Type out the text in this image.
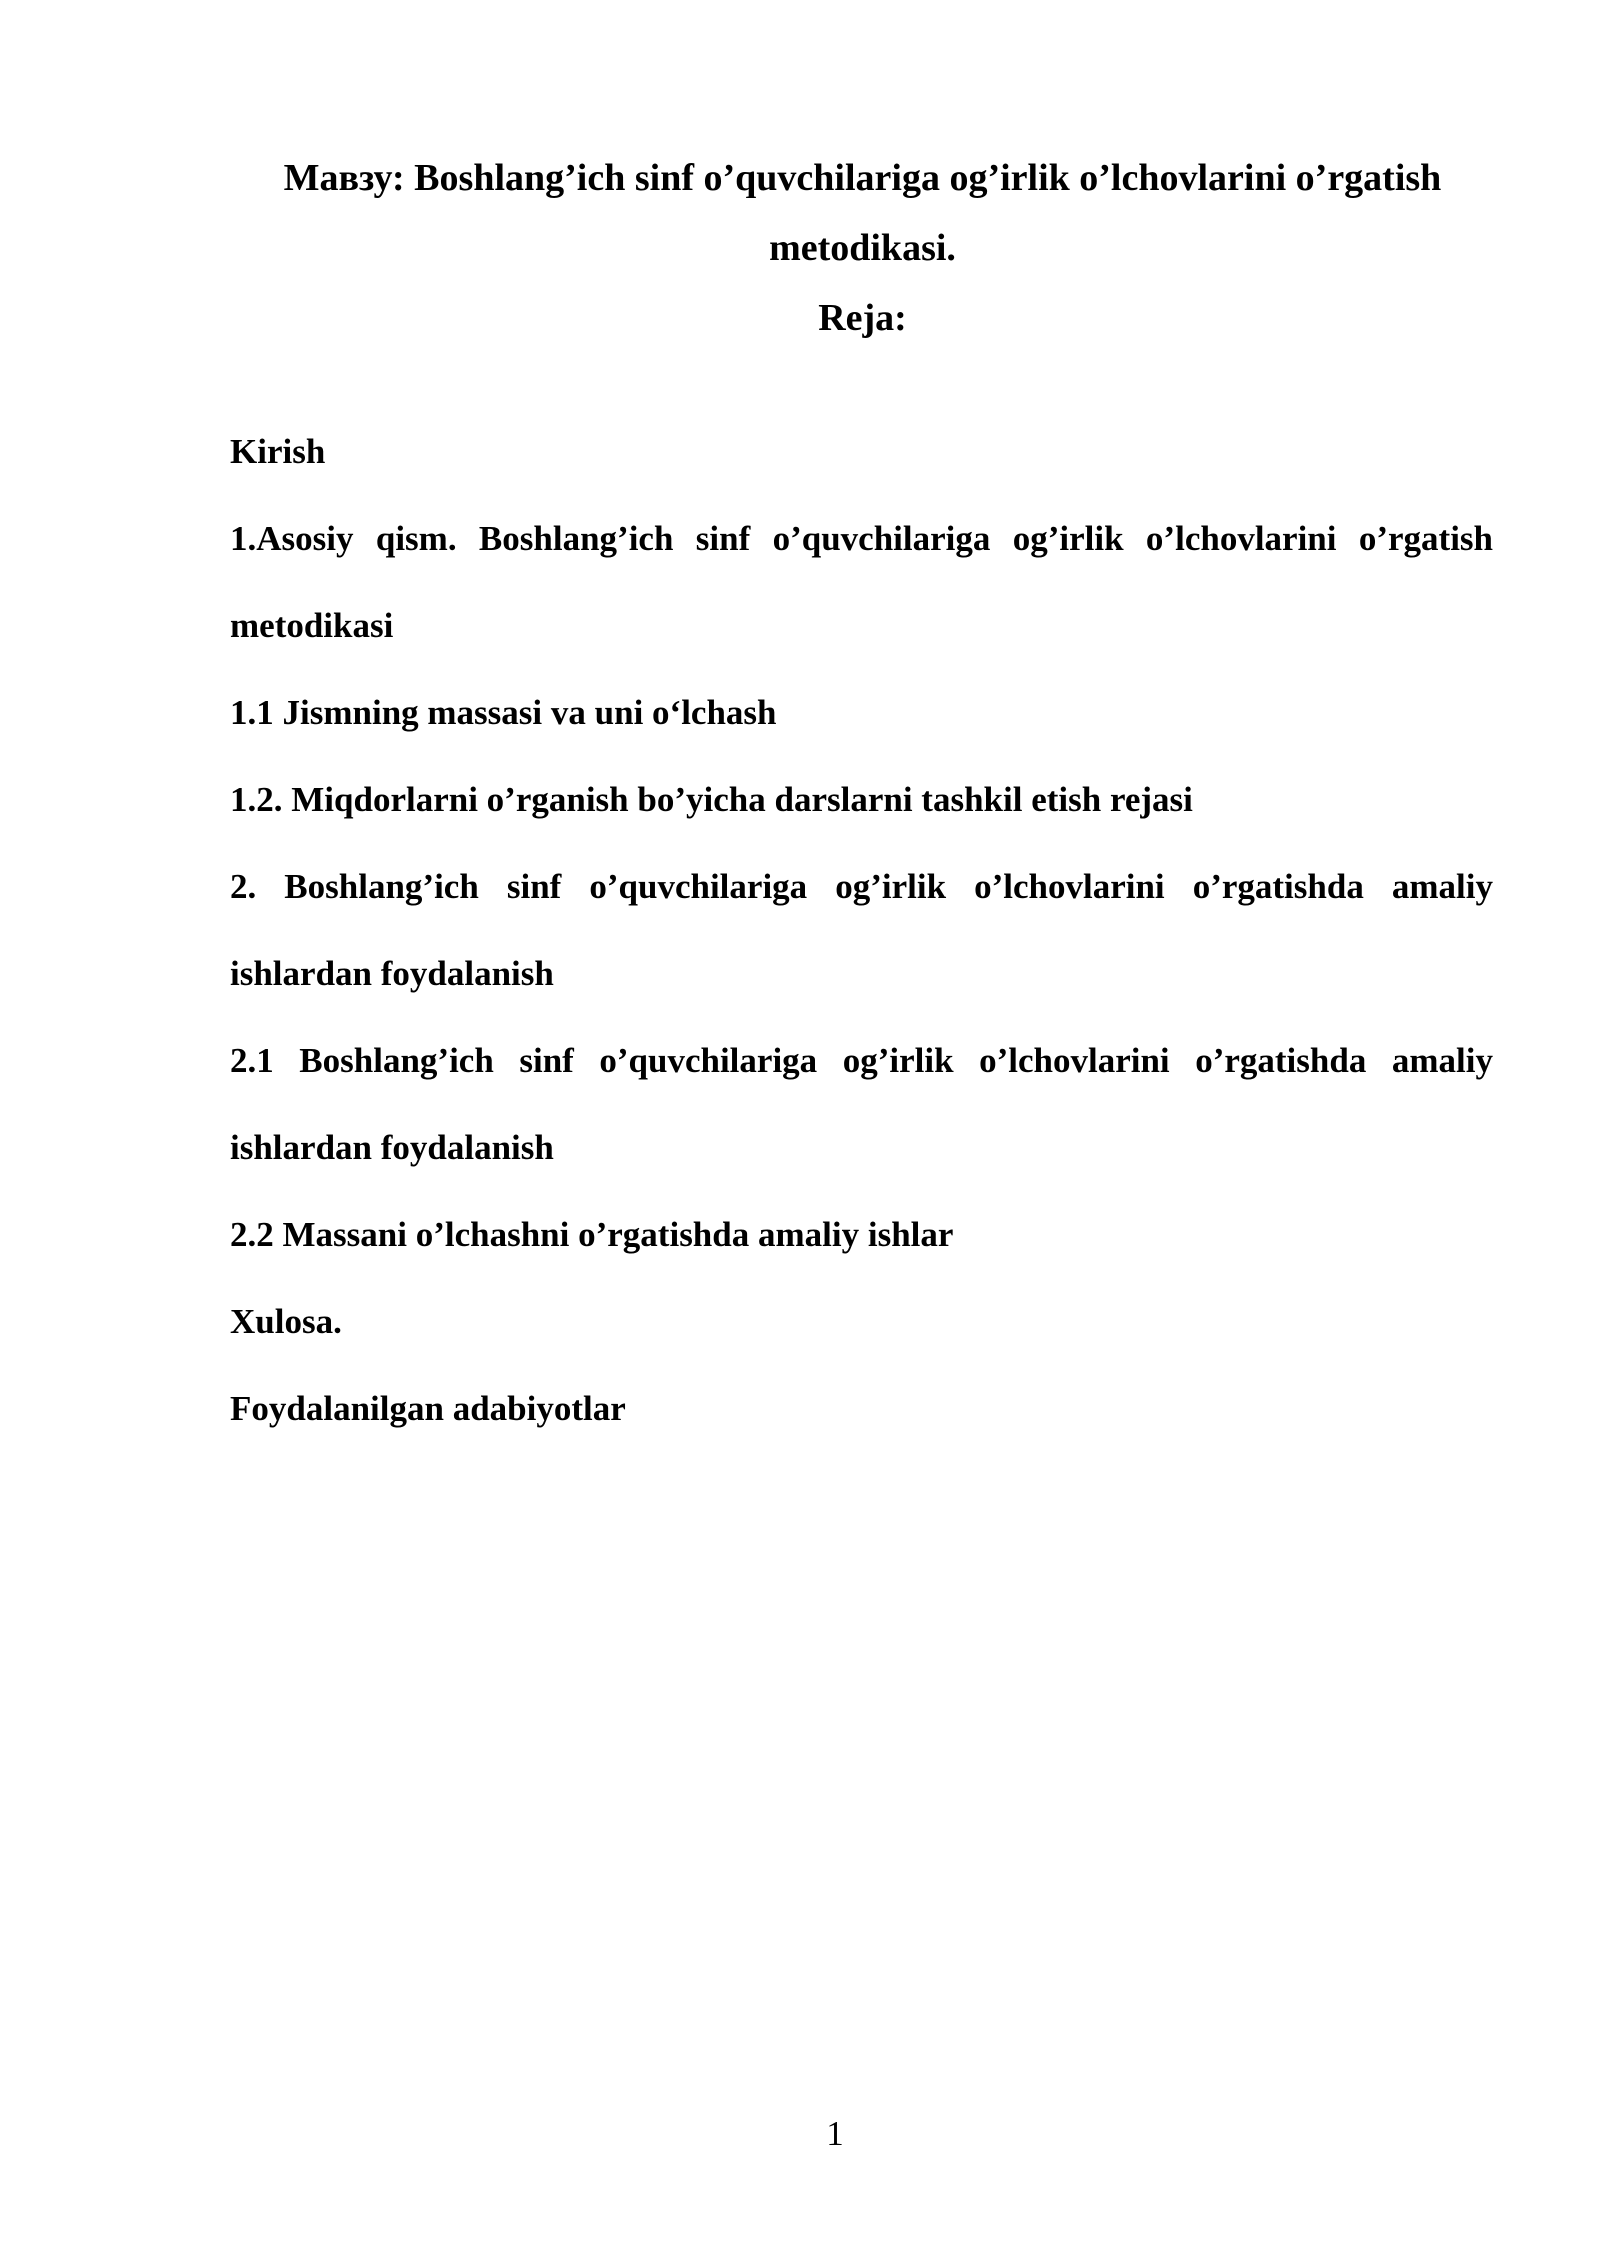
Мавзу: Boshlang’ich sinf o’quvchilariga og’irlik o’lchovlarini o’rgatish

metodikasi.

Reja:

Kirish
1.Asosiy qism. Boshlang’ich sinf o’quvchilariga og’irlik o’lchovlarini o’rgatish metodikasi
1.1 Jismning massasi va uni o‘lchash
1.2. Miqdorlarni o’rganish bo’yicha darslarni tashkil etish rejasi
2. Boshlang’ich sinf o’quvchilariga og’irlik o’lchovlarini o’rgatishda amaliy ishlardan foydalanish
2.1 Boshlang’ich sinf o’quvchilariga og’irlik o’lchovlarini o’rgatishda amaliy ishlardan foydalanish
2.2 Massani o’lchashni o’rgatishda amaliy ishlar
Xulosa.
Foydalanilgan adabiyotlar
1
